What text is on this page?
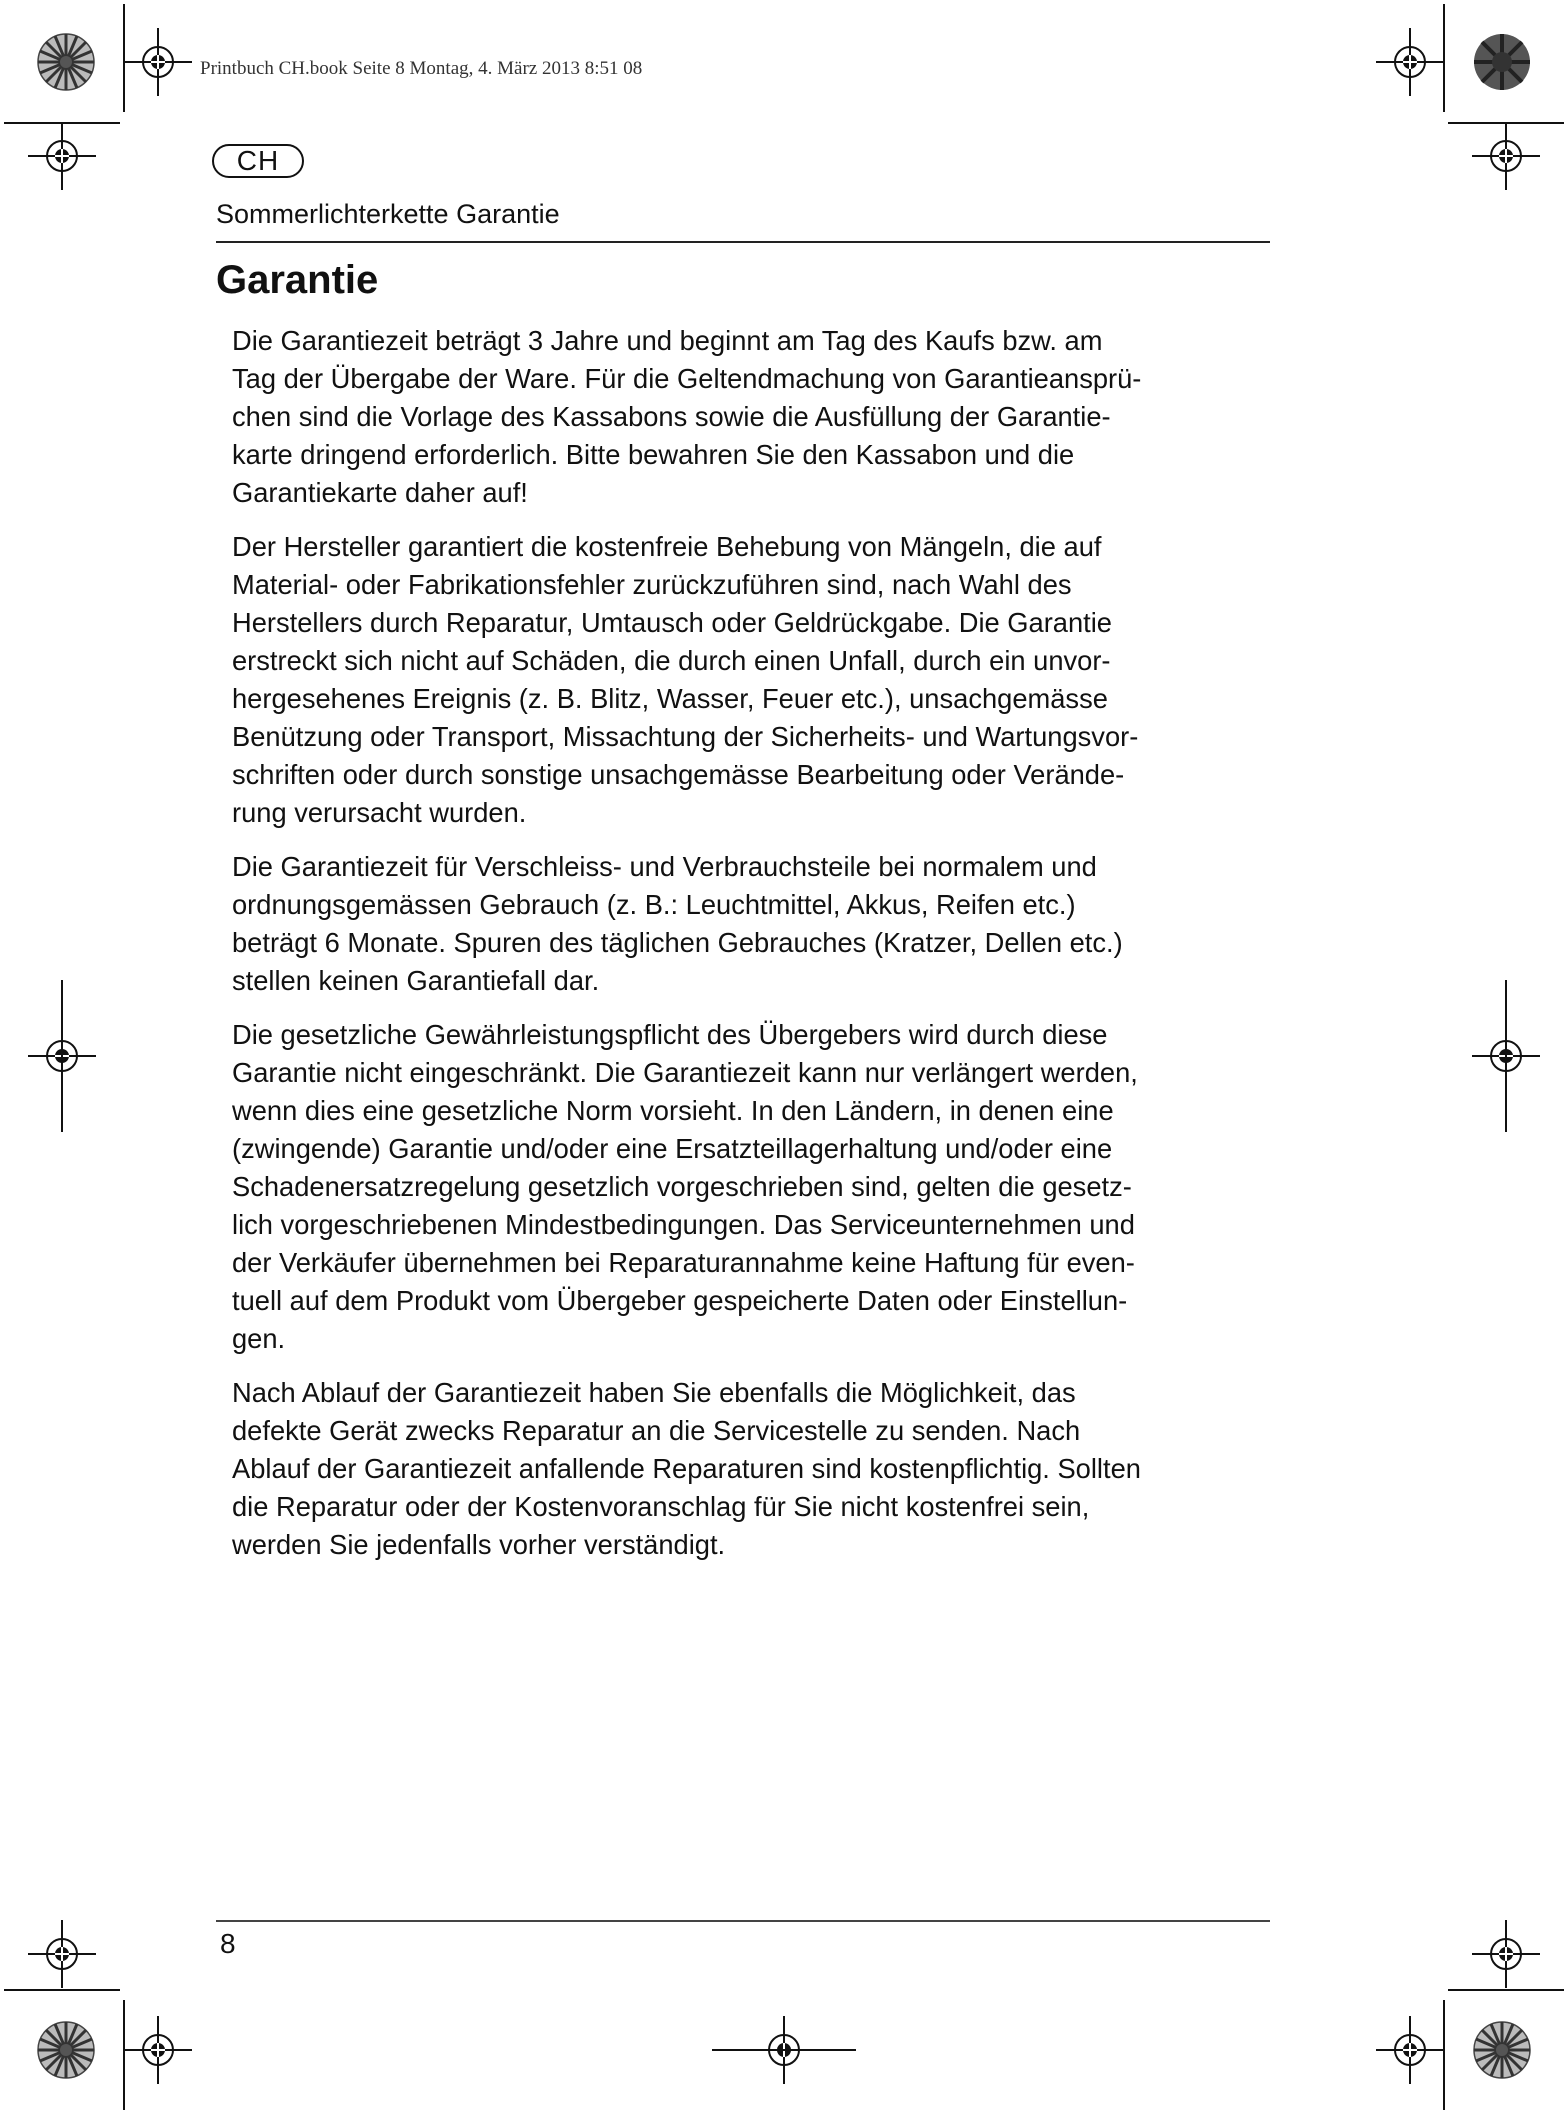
Printbuch CH.book Seite 8 Montag, 4. März 2013 8:51 08
CH
Sommerlichterkette Garantie
Garantie

Die Garantiezeit beträgt 3 Jahre und beginnt am Tag des Kaufs bzw. am
Tag der Übergabe der Ware. Für die Geltendmachung von Garantieansprü-
chen sind die Vorlage des Kassabons sowie die Ausfüllung der Garantie-
karte dringend erforderlich. Bitte bewahren Sie den Kassabon und die
Garantiekarte daher auf!

Der Hersteller garantiert die kostenfreie Behebung von Mängeln, die auf
Material- oder Fabrikationsfehler zurückzuführen sind, nach Wahl des
Herstellers durch Reparatur, Umtausch oder Geldrückgabe. Die Garantie
erstreckt sich nicht auf Schäden, die durch einen Unfall, durch ein unvor-
hergesehenes Ereignis (z. B. Blitz, Wasser, Feuer etc.), unsachgemässe
Benützung oder Transport, Missachtung der Sicherheits- und Wartungsvor-
schriften oder durch sonstige unsachgemässe Bearbeitung oder Verände-
rung verursacht wurden.

Die Garantiezeit für Verschleiss- und Verbrauchsteile bei normalem und
ordnungsgemässen Gebrauch (z. B.: Leuchtmittel, Akkus, Reifen etc.)
beträgt 6 Monate. Spuren des täglichen Gebrauches (Kratzer, Dellen etc.)
stellen keinen Garantiefall dar.

Die gesetzliche Gewährleistungspflicht des Übergebers wird durch diese
Garantie nicht eingeschränkt. Die Garantiezeit kann nur verlängert werden,
wenn dies eine gesetzliche Norm vorsieht. In den Ländern, in denen eine
(zwingende) Garantie und/oder eine Ersatzteillagerhaltung und/oder eine
Schadenersatzregelung gesetzlich vorgeschrieben sind, gelten die gesetz-
lich vorgeschriebenen Mindestbedingungen. Das Serviceunternehmen und
der Verkäufer übernehmen bei Reparaturannahme keine Haftung für even-
tuell auf dem Produkt vom Übergeber gespeicherte Daten oder Einstellun-
gen.

Nach Ablauf der Garantiezeit haben Sie ebenfalls die Möglichkeit, das
defekte Gerät zwecks Reparatur an die Servicestelle zu senden. Nach
Ablauf der Garantiezeit anfallende Reparaturen sind kostenpflichtig. Sollten
die Reparatur oder der Kostenvoranschlag für Sie nicht kostenfrei sein,
werden Sie jedenfalls vorher verständigt.

8
